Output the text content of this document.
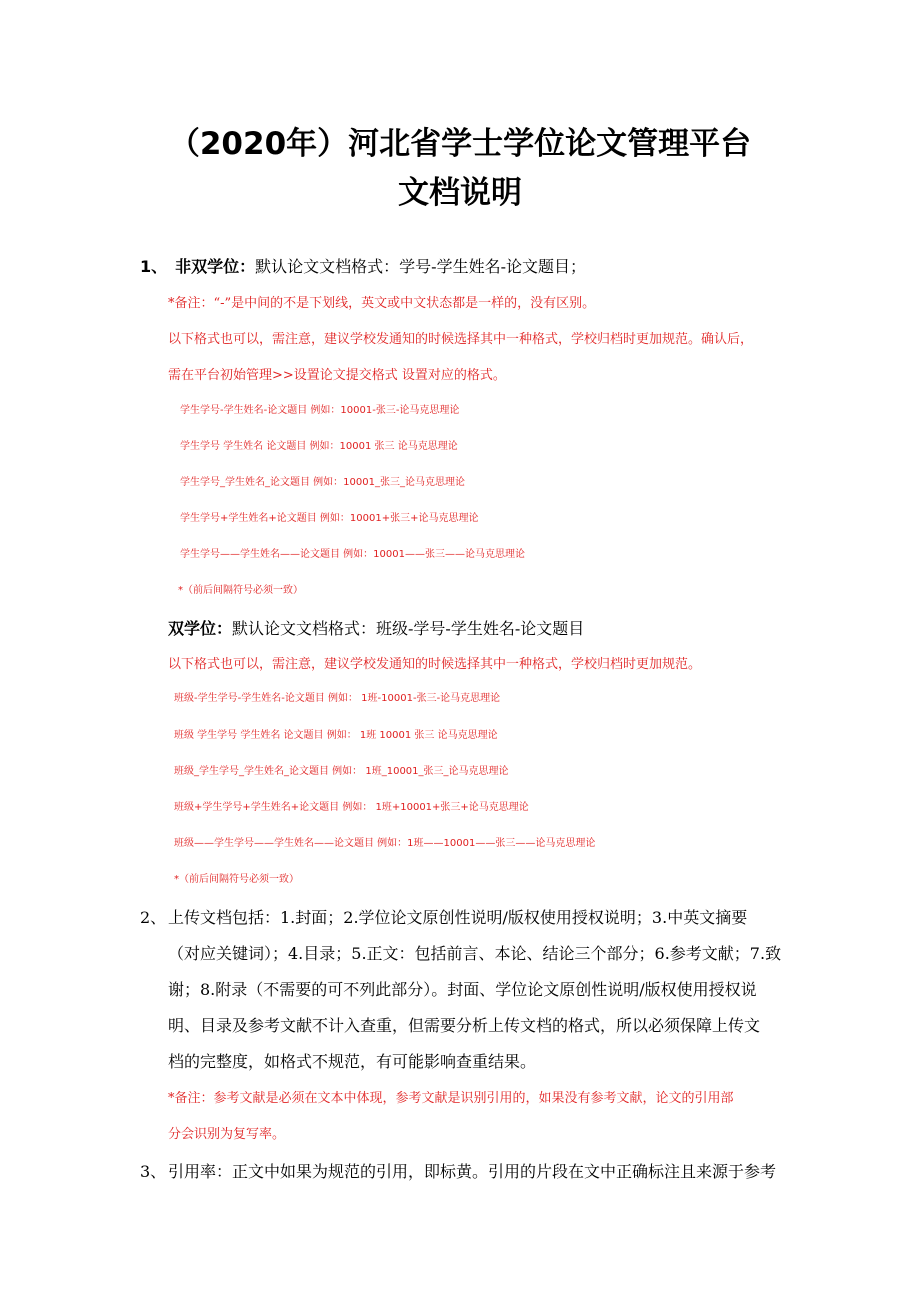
（2020年）河北省学士学位论文管理平台
文档说明
1、 非双学位：默认论文文档格式：学号-学生姓名-论文题目；
*备注：“-”是中间的不是下划线，英文或中文状态都是一样的，没有区别。
以下格式也可以，需注意，建议学校发通知的时候选择其中一种格式，学校归档时更加规范。确认后，
需在平台初始管理>>设置论文提交格式 设置对应的格式。
学生学号-学生姓名-论文题目 例如：10001-张三-论马克思理论
学生学号 学生姓名 论文题目 例如：10001 张三 论马克思理论
学生学号_学生姓名_论文题目 例如：10001_张三_论马克思理论
学生学号+学生姓名+论文题目 例如：10001+张三+论马克思理论
学生学号——学生姓名——论文题目 例如：10001——张三——论马克思理论
*（前后间隔符号必须一致）
双学位：默认论文文档格式：班级-学号-学生姓名-论文题目
以下格式也可以，需注意，建议学校发通知的时候选择其中一种格式，学校归档时更加规范。
班级-学生学号-学生姓名-论文题目 例如： 1班-10001-张三-论马克思理论
班级 学生学号 学生姓名 论文题目 例如： 1班 10001 张三 论马克思理论
班级_学生学号_学生姓名_论文题目 例如： 1班_10001_张三_论马克思理论
班级+学生学号+学生姓名+论文题目 例如： 1班+10001+张三+论马克思理论
班级——学生学号——学生姓名——论文题目 例如：1班——10001——张三——论马克思理论
*（前后间隔符号必须一致）
2、 上传文档包括：1.封面；2.学位论文原创性说明/版权使用授权说明；3.中英文摘要
（对应关键词）；4.目录；5.正文：包括前言、本论、结论三个部分；6.参考文献；7.致
谢；8.附录（不需要的可不列此部分）。封面、学位论文原创性说明/版权使用授权说
明、目录及参考文献不计入查重，但需要分析上传文档的格式，所以必须保障上传文
档的完整度，如格式不规范，有可能影响查重结果。
*备注：参考文献是必须在文本中体现，参考文献是识别引用的，如果没有参考文献，论文的引用部
分会识别为复写率。
3、 引用率：正文中如果为规范的引用，即标黄。引用的片段在文中正确标注且来源于参考
